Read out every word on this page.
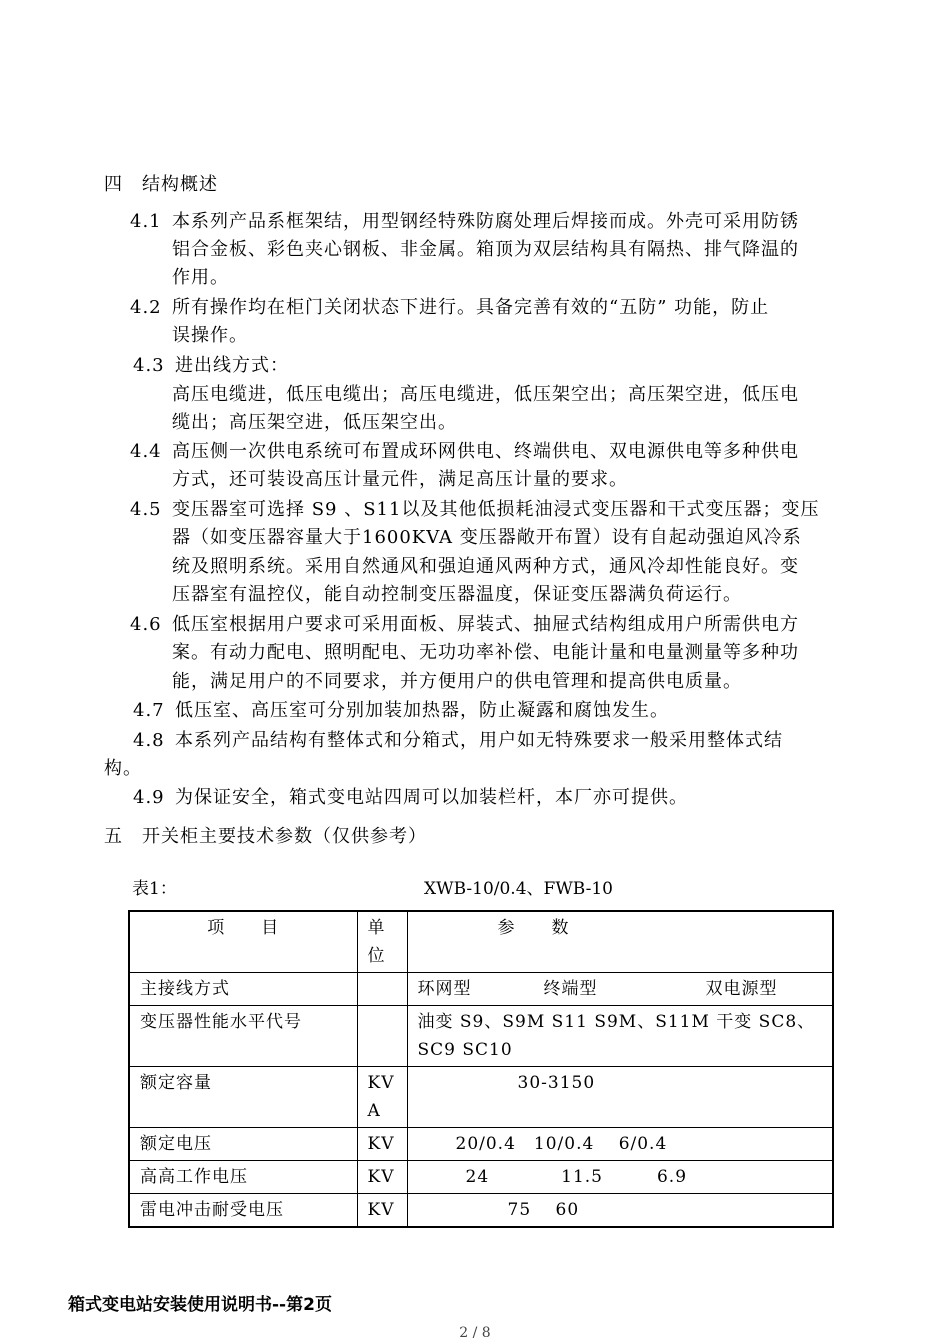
四　结构概述
4.1 本系列产品系框架结，用型钢经特殊防腐处理后焊接而成。外壳可采用防锈
铝合金板、彩色夹心钢板、非金属。箱顶为双层结构具有隔热、排气降温的
作用。
4.2 所有操作均在柜门关闭状态下进行。具备完善有效的“五防” 功能，防止
误操作。
4.3 进出线方式：
高压电缆进，低压电缆出；高压电缆进，低压架空出；高压架空进，低压电
缆出；高压架空进，低压架空出。
4.4 高压侧一次供电系统可布置成环网供电、终端供电、双电源供电等多种供电
方式，还可装设高压计量元件，满足高压计量的要求。
4.5 变压器室可选择 S9 、S11以及其他低损耗油浸式变压器和干式变压器；变压
器（如变压器容量大于1600KVA 变压器敞开布置）设有自起动强迫风冷系
统及照明系统。采用自然通风和强迫通风两种方式，通风冷却性能良好。变
压器室有温控仪，能自动控制变压器温度，保证变压器满负荷运行。
4.6 低压室根据用户要求可采用面板、屏装式、抽屉式结构组成用户所需供电方
案。有动力配电、照明配电、无功功率补偿、电能计量和电量测量等多种功
能，满足用户的不同要求，并方便用户的供电管理和提高供电质量。
4.7 低压室、高压室可分别加装加热器，防止凝露和腐蚀发生。
4.8 本系列产品结构有整体式和分箱式，用户如无特殊要求一般采用整体式结
构。
4.9 为保证安全，箱式变电站四周可以加装栏杆，本厂亦可提供。
五　开关柜主要技术参数（仅供参考）
表1：	XWB-10/0.4、FWB-10
项　　目	单位	参　　数
主接线方式		环网型　　　　终端型　　　　　　双电源型
变压器性能水平代号		油变 S9、S9M S11 S9M、S11M 干变 SC8、SC9 SC10
额定容量	KVA	30-3150
额定电压	KV	20/0.4　10/0.4　 6/0.4
高高工作电压	KV	24　　　　11.5　　　6.9
雷电冲击耐受电压	KV	75　 60
箱式变电站安装使用说明书--第2页
2 / 8
